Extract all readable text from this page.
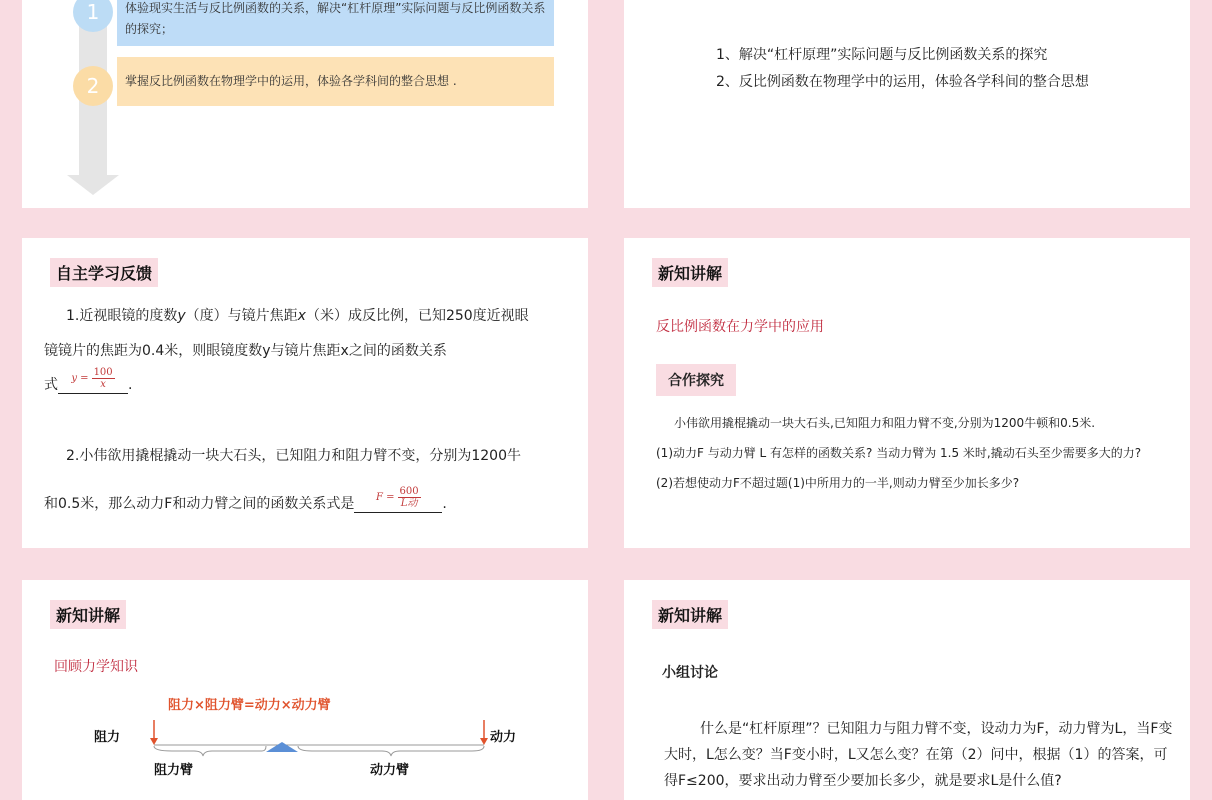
1	体验现实生活与反比例函数的关系，解决“杠杆原理”实际问题与反比例函数关系的探究；
2	掌握反比例函数在物理学中的运用，体验各学科间的整合思想 .
1、解决“杠杆原理”实际问题与反比例函数关系的探究
2、反比例函数在物理学中的运用，体验各学科间的整合思想
自主学习反馈
1.近视眼镜的度数y（度）与镜片焦距x（米）成反比例，已知250度近视眼
镜镜片的焦距为0.4米，则眼镜度数y与镜片焦距x之间的函数关系
式 $y = \frac{100}{x}$ .
2.小伟欲用撬棍撬动一块大石头，已知阻力和阻力臂不变，分别为1200牛
和0.5米，那么动力F和动力臂之间的函数关系式是 $F = \frac{600}{\text{L动}}$ .
新知讲解
反比例函数在力学中的应用
合作探究
小伟欲用撬棍撬动一块大石头,已知阻力和阻力臂不变,分别为1200牛顿和0.5米.
(1)动力F 与动力臂 L 有怎样的函数关系? 当动力臂为 1.5 米时,撬动石头至少需要多大的力?
(2)若想使动力F不超过题(1)中所用力的一半,则动力臂至少加长多少?
新知讲解
回顾力学知识
阻力×阻力臂=动力×动力臂
阻力	动力
阻力臂	动力臂
新知讲解
小组讨论
什么是“杠杆原理”？已知阻力与阻力臂不变，设动力为F，动力臂为L，当F变大时，L怎么变？当F变小时，L又怎么变？在第（2）问中，根据（1）的答案，可得F≤200，要求出动力臂至少要加长多少，就是要求L是什么值?
